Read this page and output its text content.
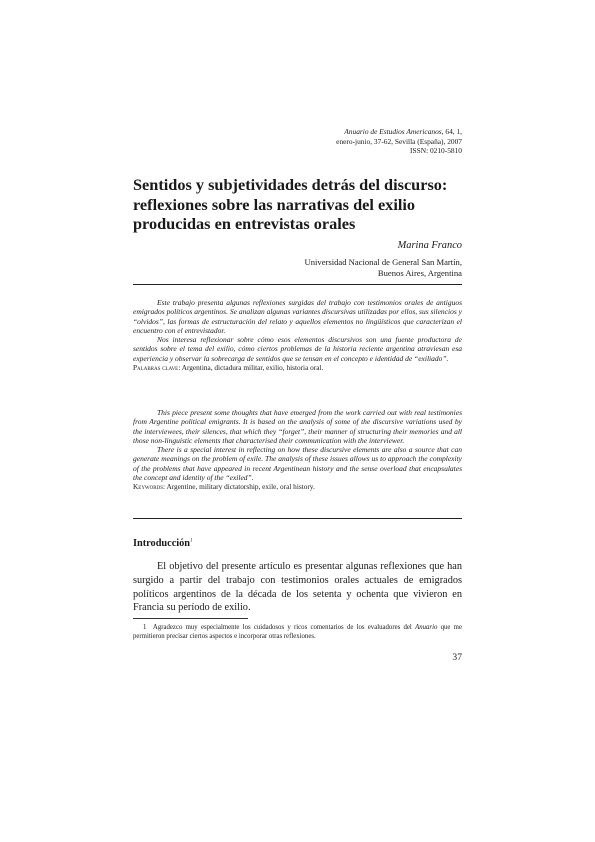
Anuario de Estudios Americanos, 64, 1,
enero-junio, 37-62, Sevilla (España), 2007
ISSN: 0210-5810
Sentidos y subjetividades detrás del discurso: reflexiones sobre las narrativas del exilio producidas en entrevistas orales
Marina Franco
Universidad Nacional de General San Martín,
Buenos Aires, Argentina

Este trabajo presenta algunas reflexiones surgidas del trabajo con testimonios orales de antiguos emigrados políticos argentinos. Se analizan algunas variantes discursivas utilizadas por ellos, sus silencios y “olvidos”, las formas de estructuración del relato y aquellos elementos no lingüísticos que caracterizan el encuentro con el entrevistador.

Nos interesa reflexionar sobre cómo esos elementos discursivos son una fuente productora de sentidos sobre el tema del exilio, cómo ciertos problemas de la historia reciente argentina atraviesan esa experiencia y observar la sobrecarga de sentidos que se tensan en el concepto e identidad de “exiliado”.

Palabras clave: Argentina, dictadura militar, exilio, historia oral.

This piece present some thoughts that have emerged from the work carried out with real testimonies from Argentine political emigrants. It is based on the analysis of some of the discursive variations used by the interviewees, their silences, that which they “forget”, their manner of structuring their memories and all those non-linguistic elements that characterised their communication with the interviewer.

There is a special interest in reflecting on how these discursive elements are also a source that can generate meanings on the problem of exile. The analysis of these issues allows us to approach the complexity of the problems that have appeared in recent Argentinean history and the sense overload that encapsulates the concept and identity of the “exiled”.

Keywords: Argentine, military dictatorship, exile, oral history.

Introducción$^1$

El objetivo del presente artículo es presentar algunas reflexiones que han surgido a partir del trabajo con testimonios orales actuales de emigrados políticos argentinos de la década de los setenta y ochenta que vivieron en Francia su período de exilio.

1 Agradezco muy especialmente los cuidadosos y ricos comentarios de los evaluadores del Anuario que me permitieron precisar ciertos aspectos e incorporar otras reflexiones.

37
